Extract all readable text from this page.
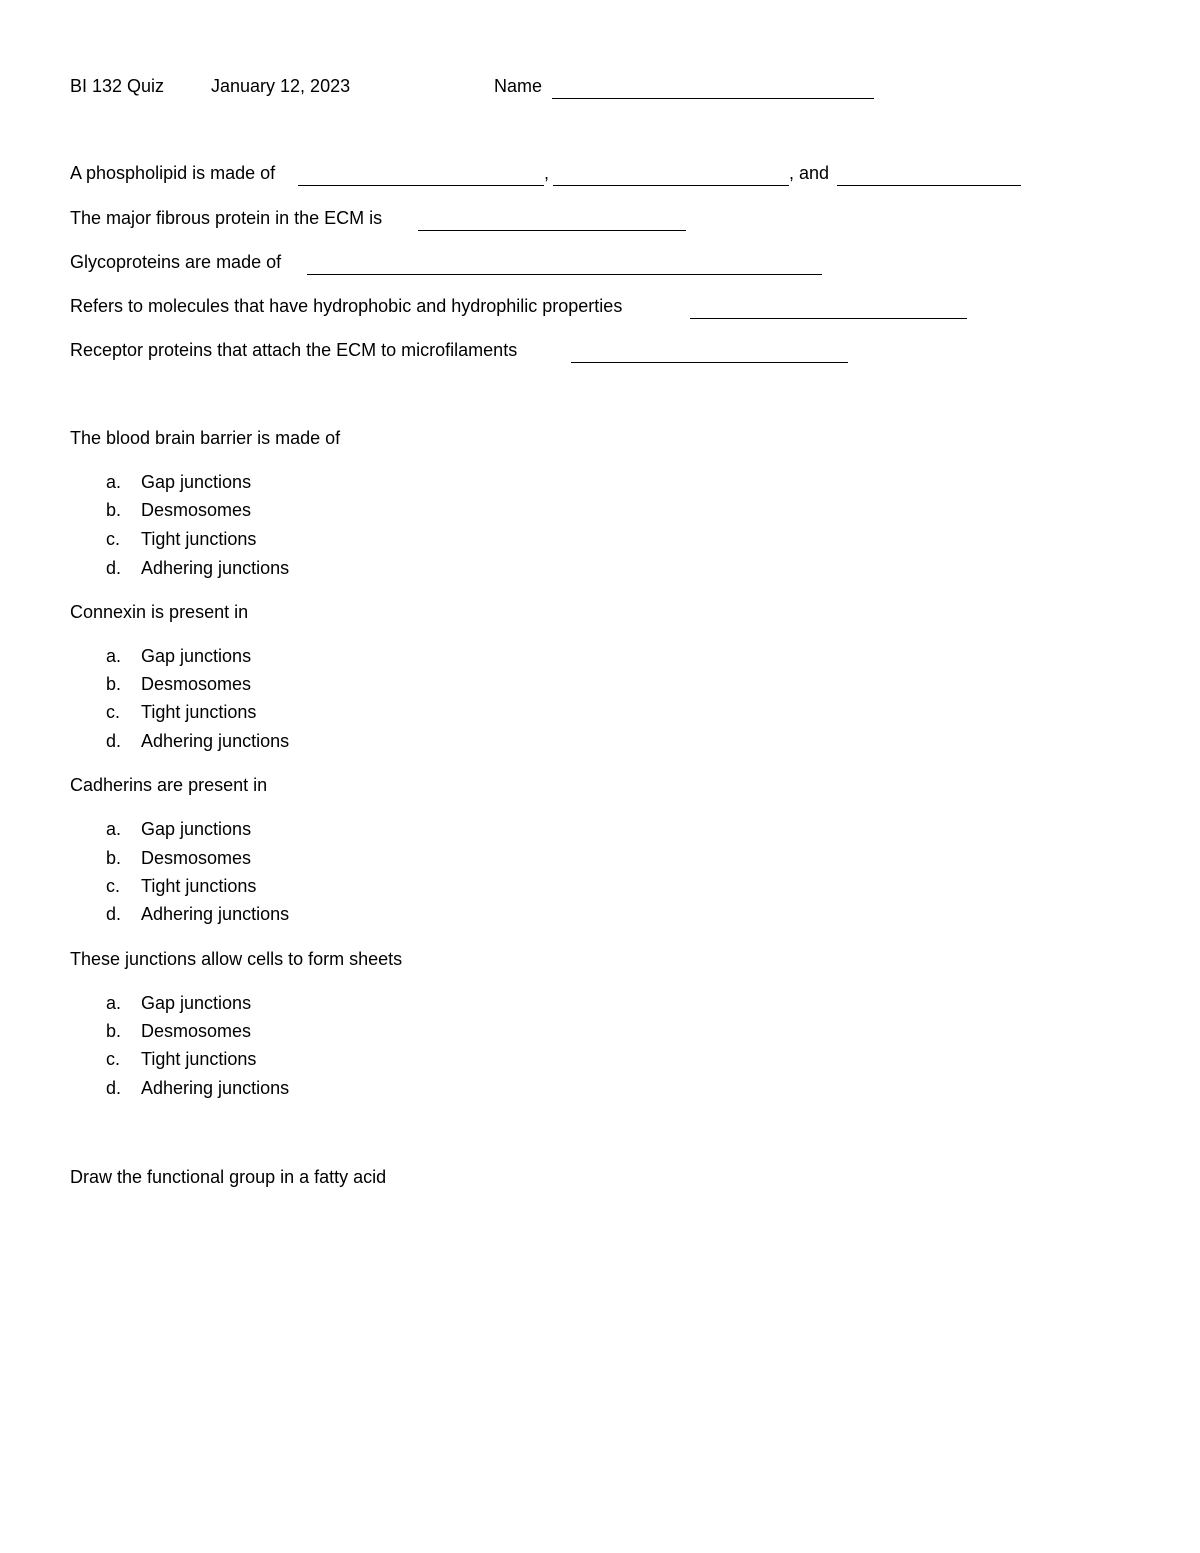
BI 132 Quiz	January 12, 2023	Name
A phospholipid is made of	,	, and
The major fibrous protein in the ECM is
Glycoproteins are made of
Refers to molecules that have hydrophobic and hydrophilic properties
Receptor proteins that attach the ECM to microfilaments
The blood brain barrier is made of
a. Gap junctions
b. Desmosomes
c. Tight junctions
d. Adhering junctions
Connexin is present in
a. Gap junctions
b. Desmosomes
c. Tight junctions
d. Adhering junctions
Cadherins are present in
a. Gap junctions
b. Desmosomes
c. Tight junctions
d. Adhering junctions
These junctions allow cells to form sheets
a. Gap junctions
b. Desmosomes
c. Tight junctions
d. Adhering junctions
Draw the functional group in a fatty acid
